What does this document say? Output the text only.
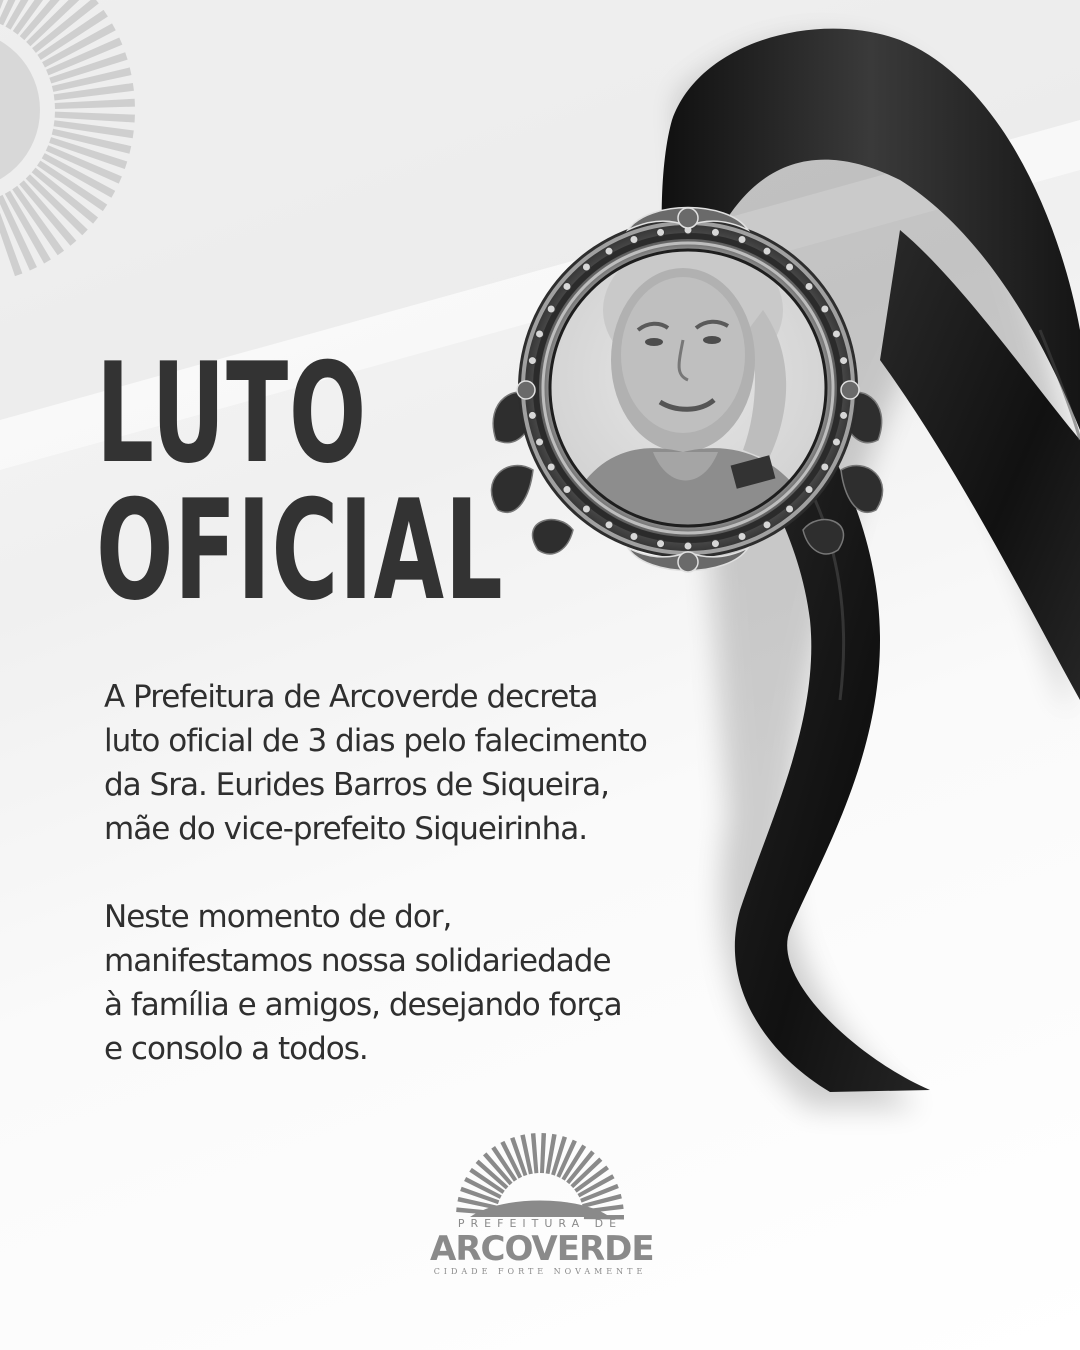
LUTO
OFICIAL

A Prefeitura de Arcoverde decreta
luto oficial de 3 dias pelo falecimento
da Sra. Eurides Barros de Siqueira,
mãe do vice-prefeito Siqueirinha.

Neste momento de dor,
manifestamos nossa solidariedade
à família e amigos, desejando força
e consolo a todos.

PREFEITURA DE
ARCOVERDE
CIDADE FORTE NOVAMENTE
